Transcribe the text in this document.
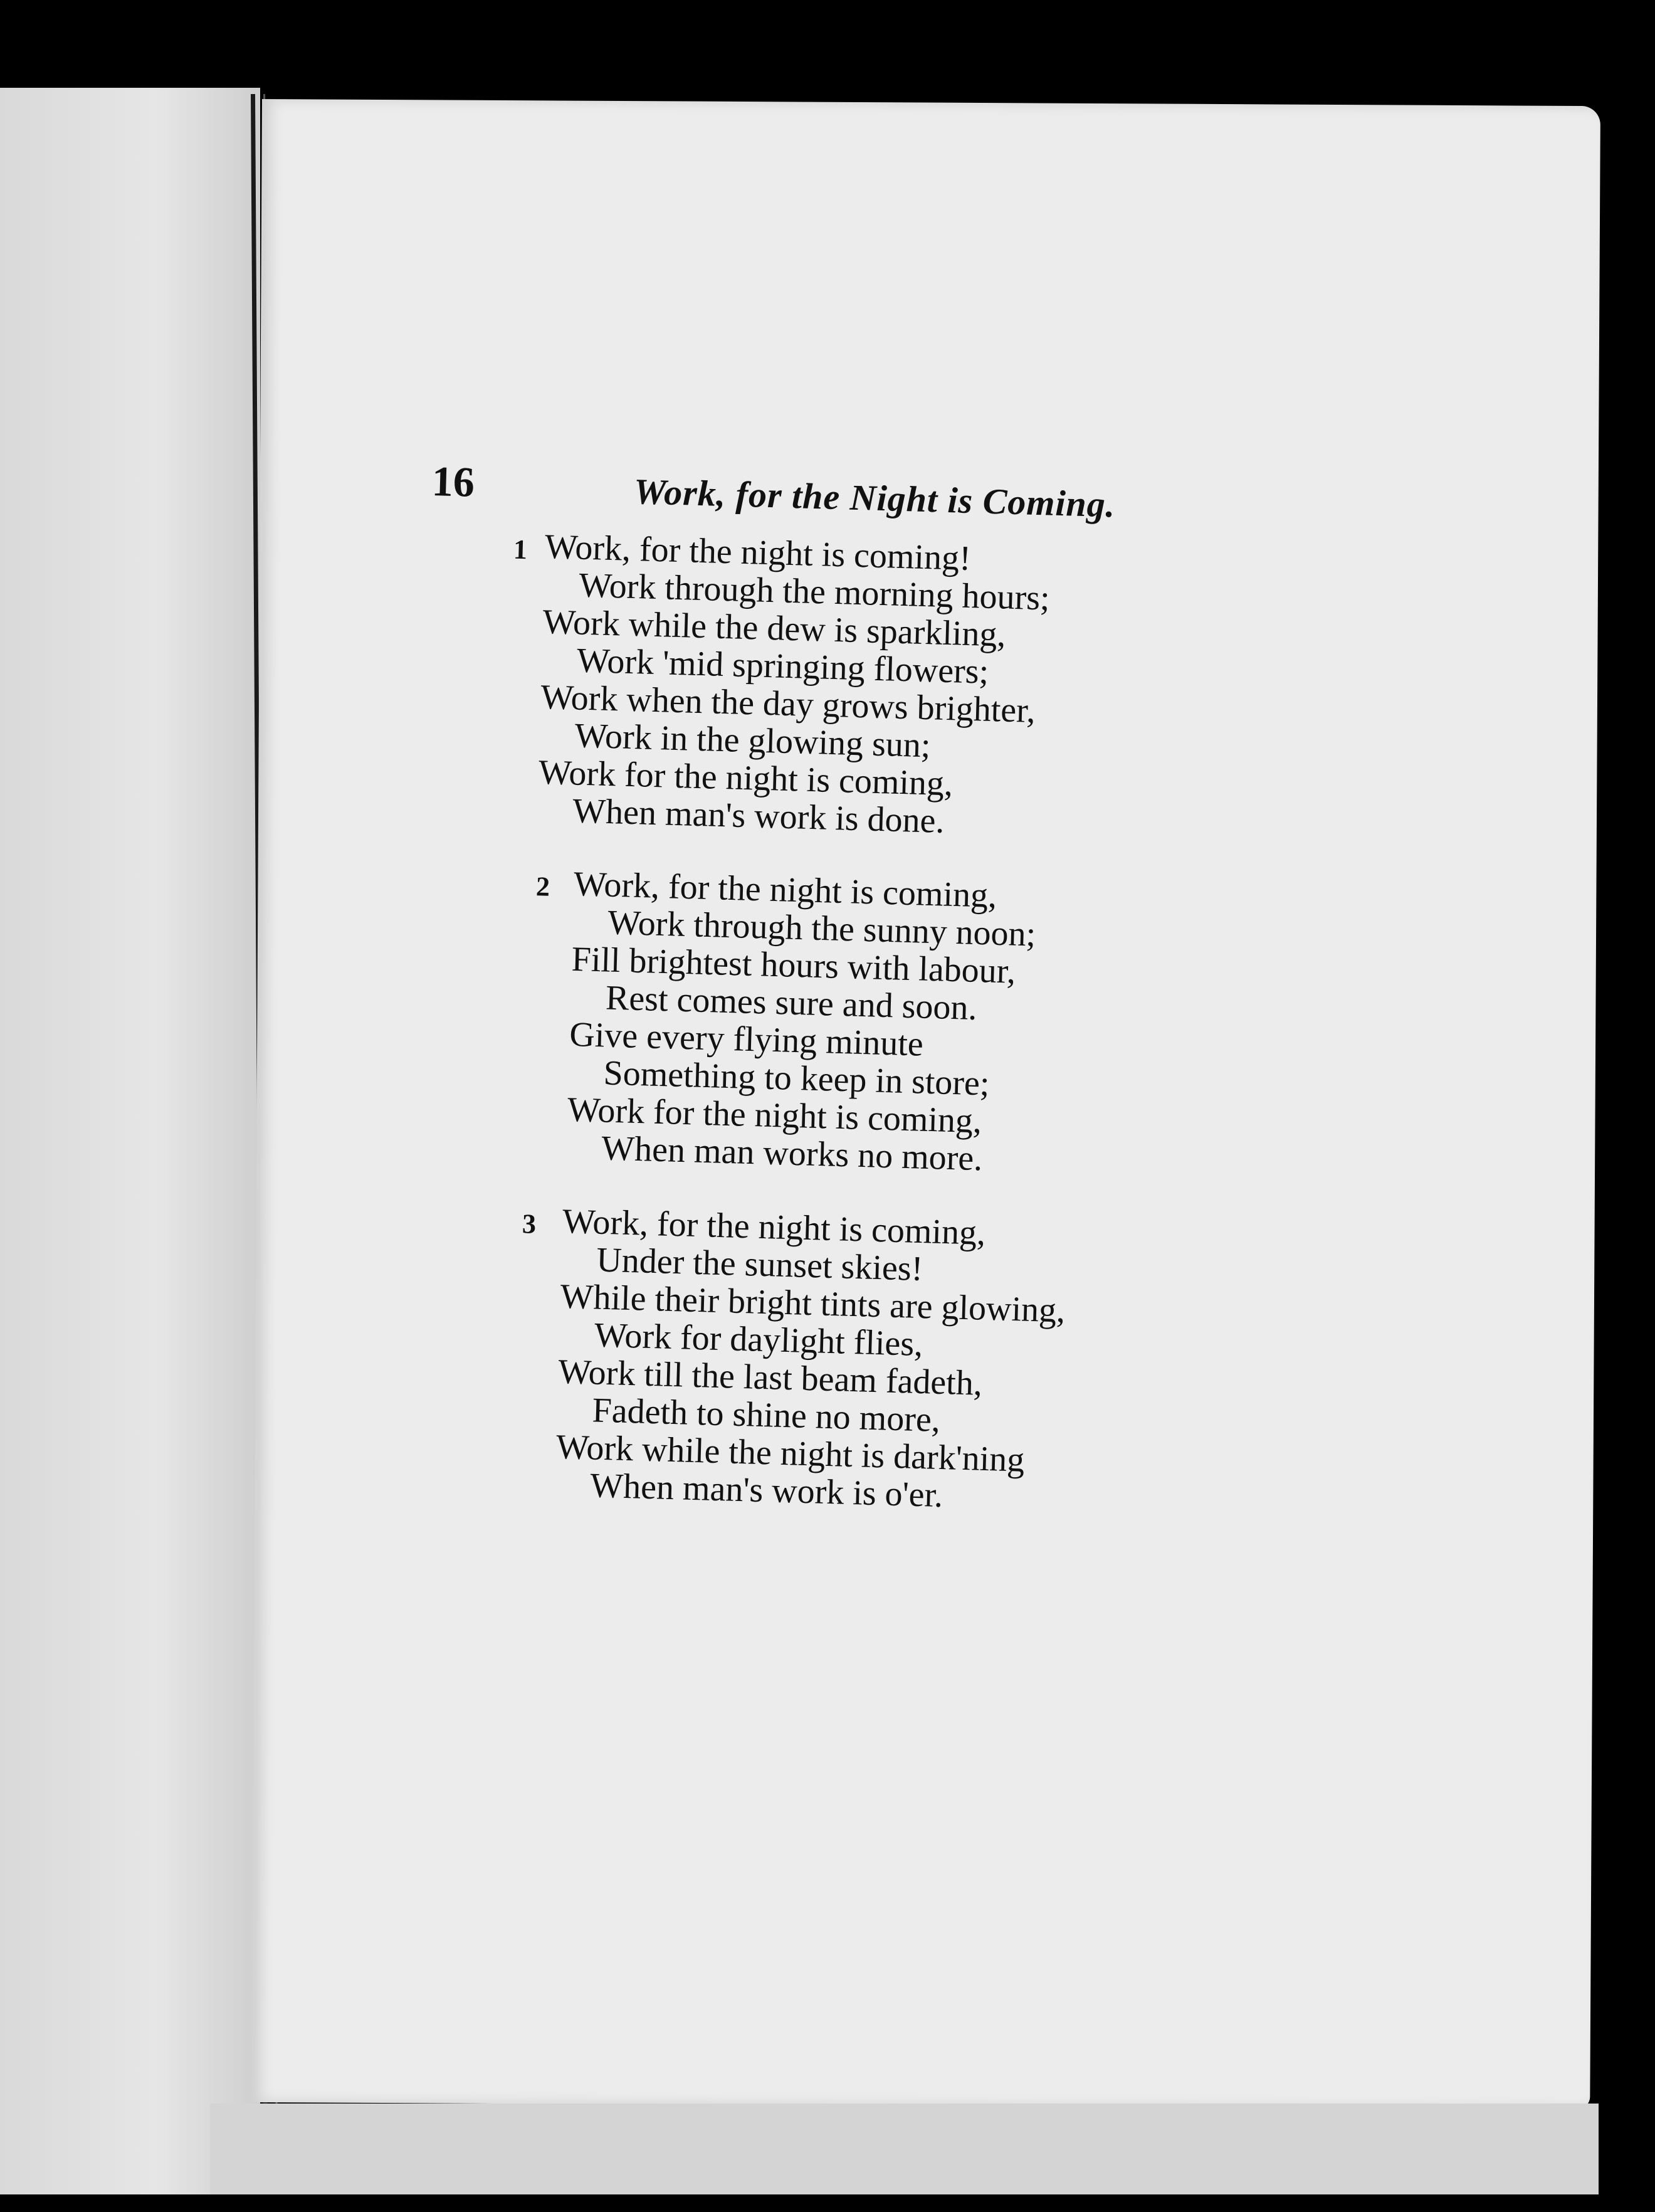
16	Work, for the Night is Coming.
1 Work, for the night is coming!
Work through the morning hours;
Work while the dew is sparkling,
Work 'mid springing flowers;
Work when the day grows brighter,
Work in the glowing sun;
Work for the night is coming,
When man's work is done.
2 Work, for the night is coming,
Work through the sunny noon;
Fill brightest hours with labour,
Rest comes sure and soon.
Give every flying minute
Something to keep in store;
Work for the night is coming,
When man works no more.
3 Work, for the night is coming,
Under the sunset skies!
While their bright tints are glowing,
Work for daylight flies,
Work till the last beam fadeth,
Fadeth to shine no more,
Work while the night is dark'ning
When man's work is o'er.
